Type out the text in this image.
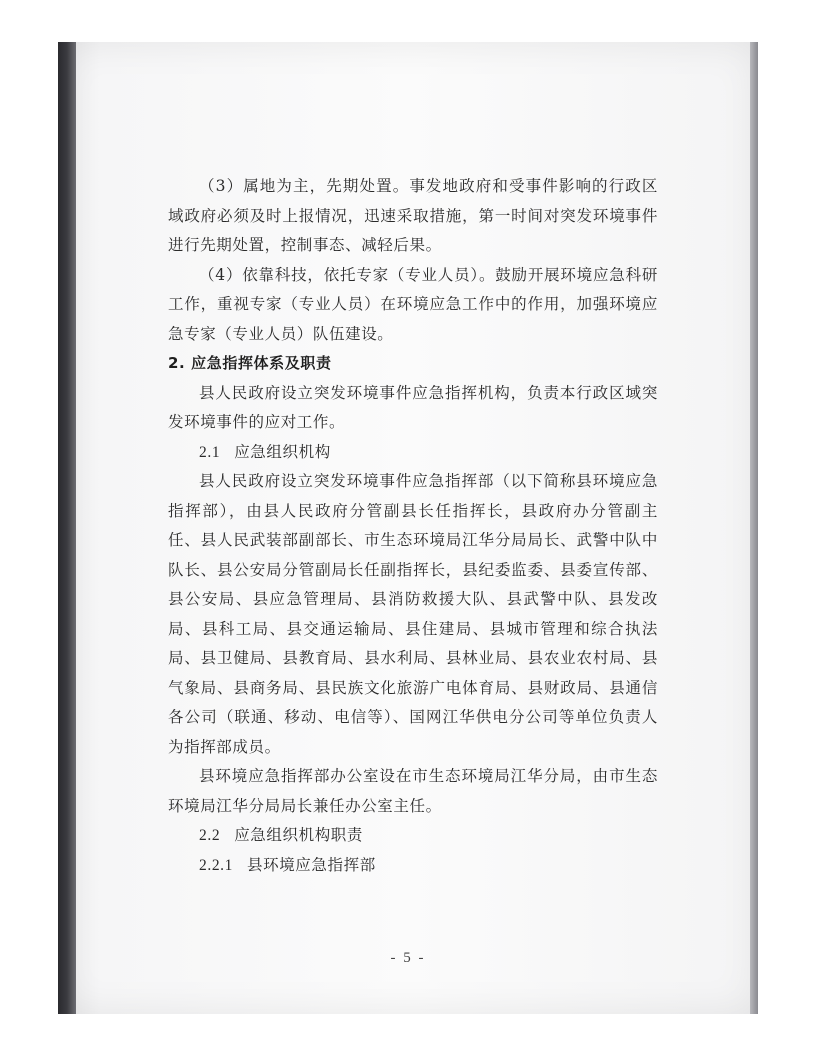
（3）属地为主，先期处置。事发地政府和受事件影响的行政区域政府必须及时上报情况，迅速采取措施，第一时间对突发环境事件进行先期处置，控制事态、减轻后果。

（4）依靠科技，依托专家（专业人员）。鼓励开展环境应急科研工作，重视专家（专业人员）在环境应急工作中的作用，加强环境应急专家（专业人员）队伍建设。

2. 应急指挥体系及职责

县人民政府设立突发环境事件应急指挥机构，负责本行政区域突发环境事件的应对工作。

2.1 应急组织机构

县人民政府设立突发环境事件应急指挥部（以下简称县环境应急指挥部），由县人民政府分管副县长任指挥长，县政府办分管副主任、县人民武装部副部长、市生态环境局江华分局局长、武警中队中队长、县公安局分管副局长任副指挥长，县纪委监委、县委宣传部、县公安局、县应急管理局、县消防救援大队、县武警中队、县发改局、县科工局、县交通运输局、县住建局、县城市管理和综合执法局、县卫健局、县教育局、县水利局、县林业局、县农业农村局、县气象局、县商务局、县民族文化旅游广电体育局、县财政局、县通信各公司（联通、移动、电信等）、国网江华供电分公司等单位负责人为指挥部成员。

县环境应急指挥部办公室设在市生态环境局江华分局，由市生态环境局江华分局局长兼任办公室主任。

2.2 应急组织机构职责

2.2.1 县环境应急指挥部

- 5 -
